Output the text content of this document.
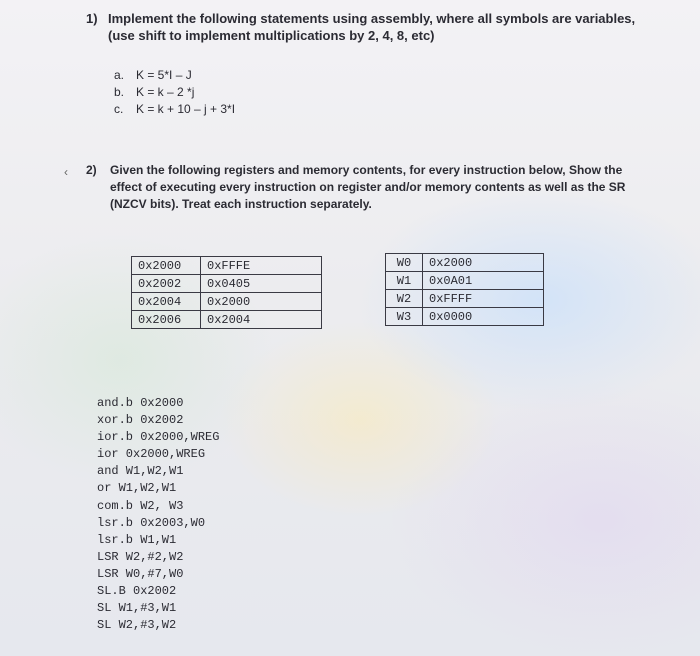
1) Implement the following statements using assembly, where all symbols are variables, (use shift to implement multiplications by 2, 4, 8, etc)
a. K = 5*I – J
b. K = k – 2 *j
c. K = k + 10 – j + 3*I
‹ 2) Given the following registers and memory contents, for every instruction below, Show the effect of executing every instruction on register and/or memory contents as well as the SR (NZCV bits). Treat each instruction separately.
0x2000	0xFFFE
0x2002	0x0405
0x2004	0x2000
0x2006	0x2004
W0	0x2000
W1	0x0A01
W2	0xFFFF
W3	0x0000
and.b 0x2000
xor.b 0x2002
ior.b 0x2000,WREG
ior 0x2000,WREG
and W1,W2,W1
or W1,W2,W1
com.b W2, W3
lsr.b 0x2003,W0
lsr.b W1,W1
LSR W2,#2,W2
LSR W0,#7,W0
SL.B 0x2002
SL W1,#3,W1
SL W2,#3,W2
